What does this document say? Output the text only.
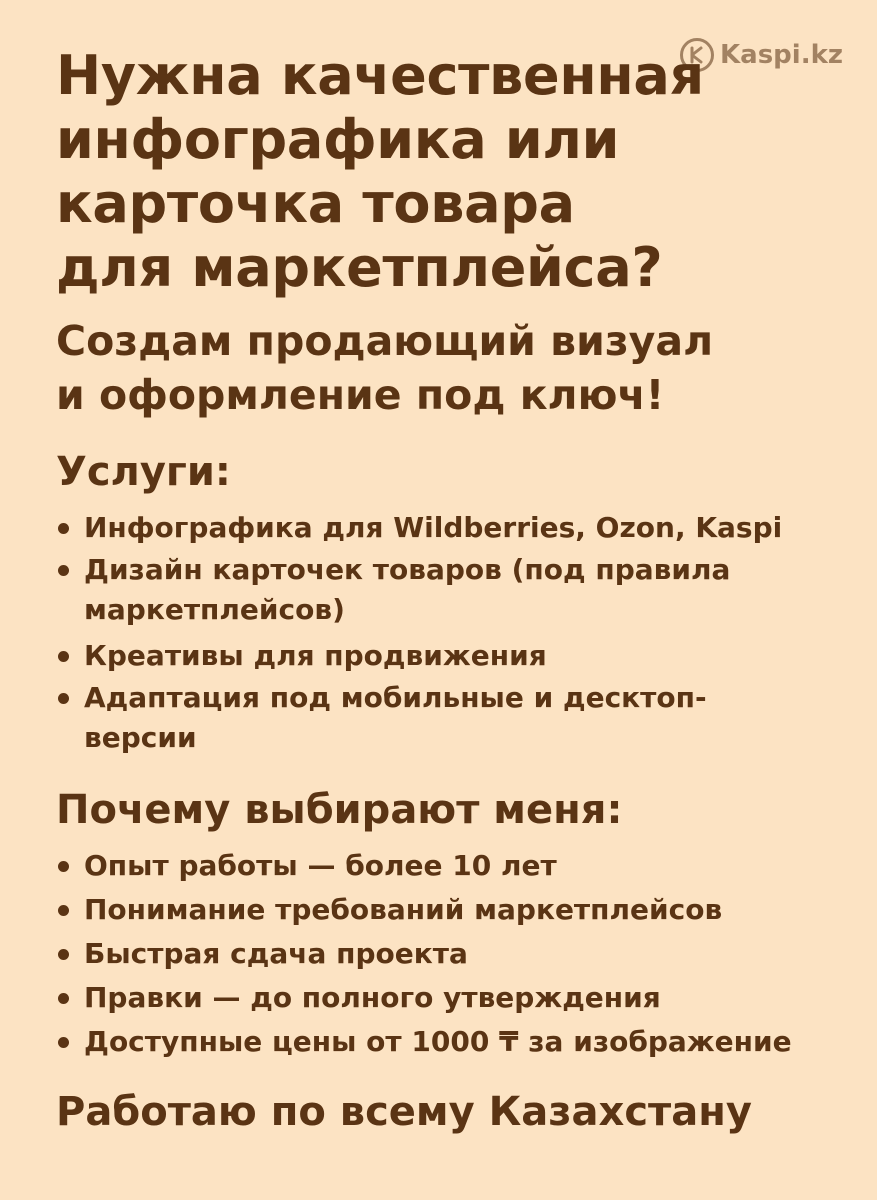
Kaspi.kz
Нужна качественная
инфографика или
карточка товара
для маркетплейса?

Создам продающий визуал
и оформление под ключ!

Услуги:
Инфографика для Wildberries, Ozon, Kaspi
Дизайн карточек товаров (под правила маркетплейсов)
Креативы для продвижения
Адаптация под мобильные и десктоп-версии
Почему выбирают меня:
Опыт работы — более 10 лет
Понимание требований маркетплейсов
Быстрая сдача проекта
Правки — до полного утверждения
Доступные цены от 1000 ₸ за изображение

Работаю по всему Казахстану
